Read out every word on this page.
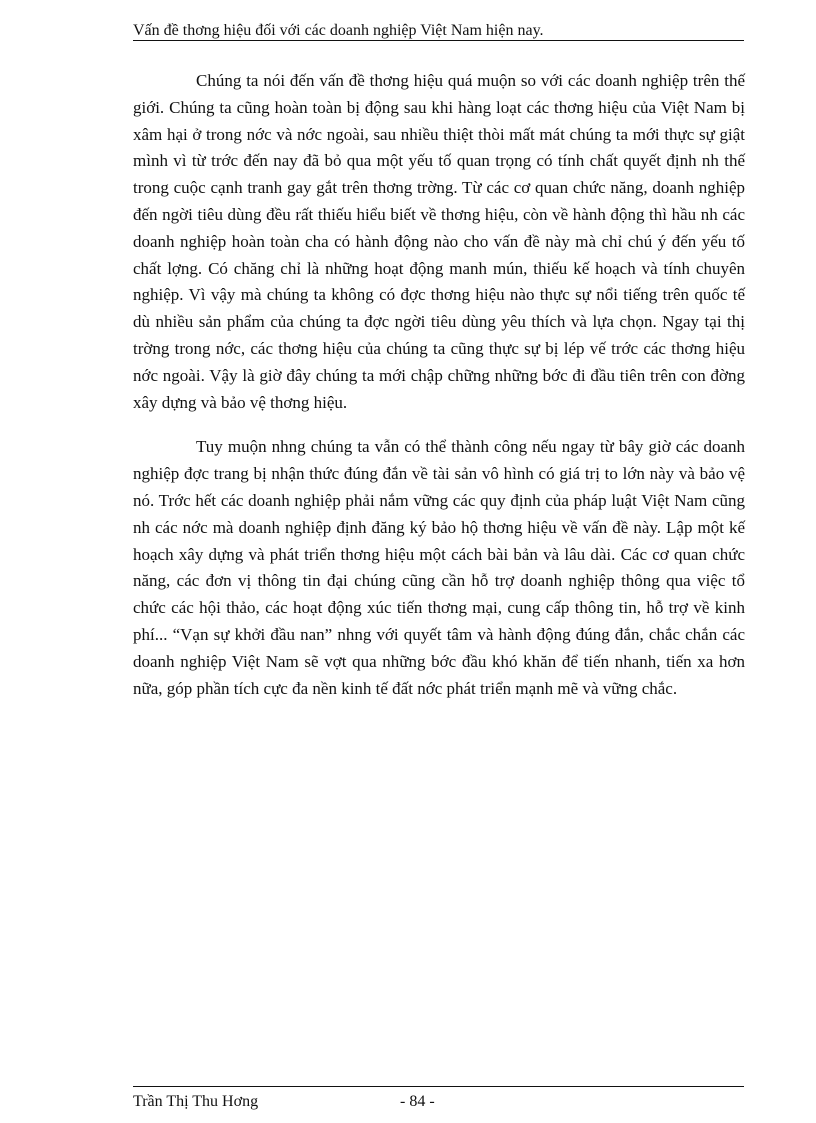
Vấn đề thơng hiệu đối với các doanh nghiệp Việt Nam hiện nay.

Chúng ta nói đến vấn đề thơng hiệu quá muộn so với các doanh nghiệp trên thế giới. Chúng ta cũng hoàn toàn bị động sau khi hàng loạt các thơng hiệu của Việt Nam bị xâm hại ở trong nớc và nớc ngoài, sau nhiều thiệt thòi mất mát chúng ta mới thực sự giật mình vì từ trớc đến nay đã bỏ qua một yếu tố quan trọng có tính chất quyết định nh thế trong cuộc cạnh tranh gay gắt trên thơng trờng. Từ các cơ quan chức năng, doanh nghiệp đến ngời tiêu dùng đều rất thiếu hiểu biết về thơng hiệu, còn về hành động thì hầu nh các doanh nghiệp hoàn toàn cha có hành động nào cho vấn đề này mà chỉ chú ý đến yếu tố chất lợng. Có chăng chỉ là những hoạt động manh mún, thiếu kế hoạch và tính chuyên nghiệp. Vì vậy mà chúng ta không có đợc thơng hiệu nào thực sự nổi tiếng trên quốc tế dù nhiều sản phẩm của chúng ta đợc ngời tiêu dùng yêu thích và lựa chọn. Ngay tại thị trờng trong nớc, các thơng hiệu của chúng ta cũng thực sự bị lép vế trớc các thơng hiệu nớc ngoài. Vậy là giờ đây chúng ta mới chập chững những bớc đi đầu tiên trên con đờng xây dựng và bảo vệ thơng hiệu.

Tuy muộn nhng chúng ta vẫn có thể thành công nếu ngay từ bây giờ các doanh nghiệp đợc trang bị nhận thức đúng đắn về tài sản vô hình có giá trị to lớn này và bảo vệ nó. Trớc hết các doanh nghiệp phải nắm vững các quy định của pháp luật Việt Nam cũng nh các nớc mà doanh nghiệp định đăng ký bảo hộ thơng hiệu về vấn đề này. Lập một kế hoạch xây dựng và phát triển thơng hiệu một cách bài bản và lâu dài. Các cơ quan chức năng, các đơn vị thông tin đại chúng cũng cần hỗ trợ doanh nghiệp thông qua việc tổ chức các hội thảo, các hoạt động xúc tiến thơng mại, cung cấp thông tin, hỗ trợ về kinh phí... “Vạn sự khởi đầu nan” nhng với quyết tâm và hành động đúng đắn, chắc chắn các doanh nghiệp Việt Nam sẽ vợt qua những bớc đầu khó khăn để tiến nhanh, tiến xa hơn nữa, góp phần tích cực đa nền kinh tế đất nớc phát triển mạnh mẽ và vững chắc.

Trần Thị Thu Hơng	- 84 -
